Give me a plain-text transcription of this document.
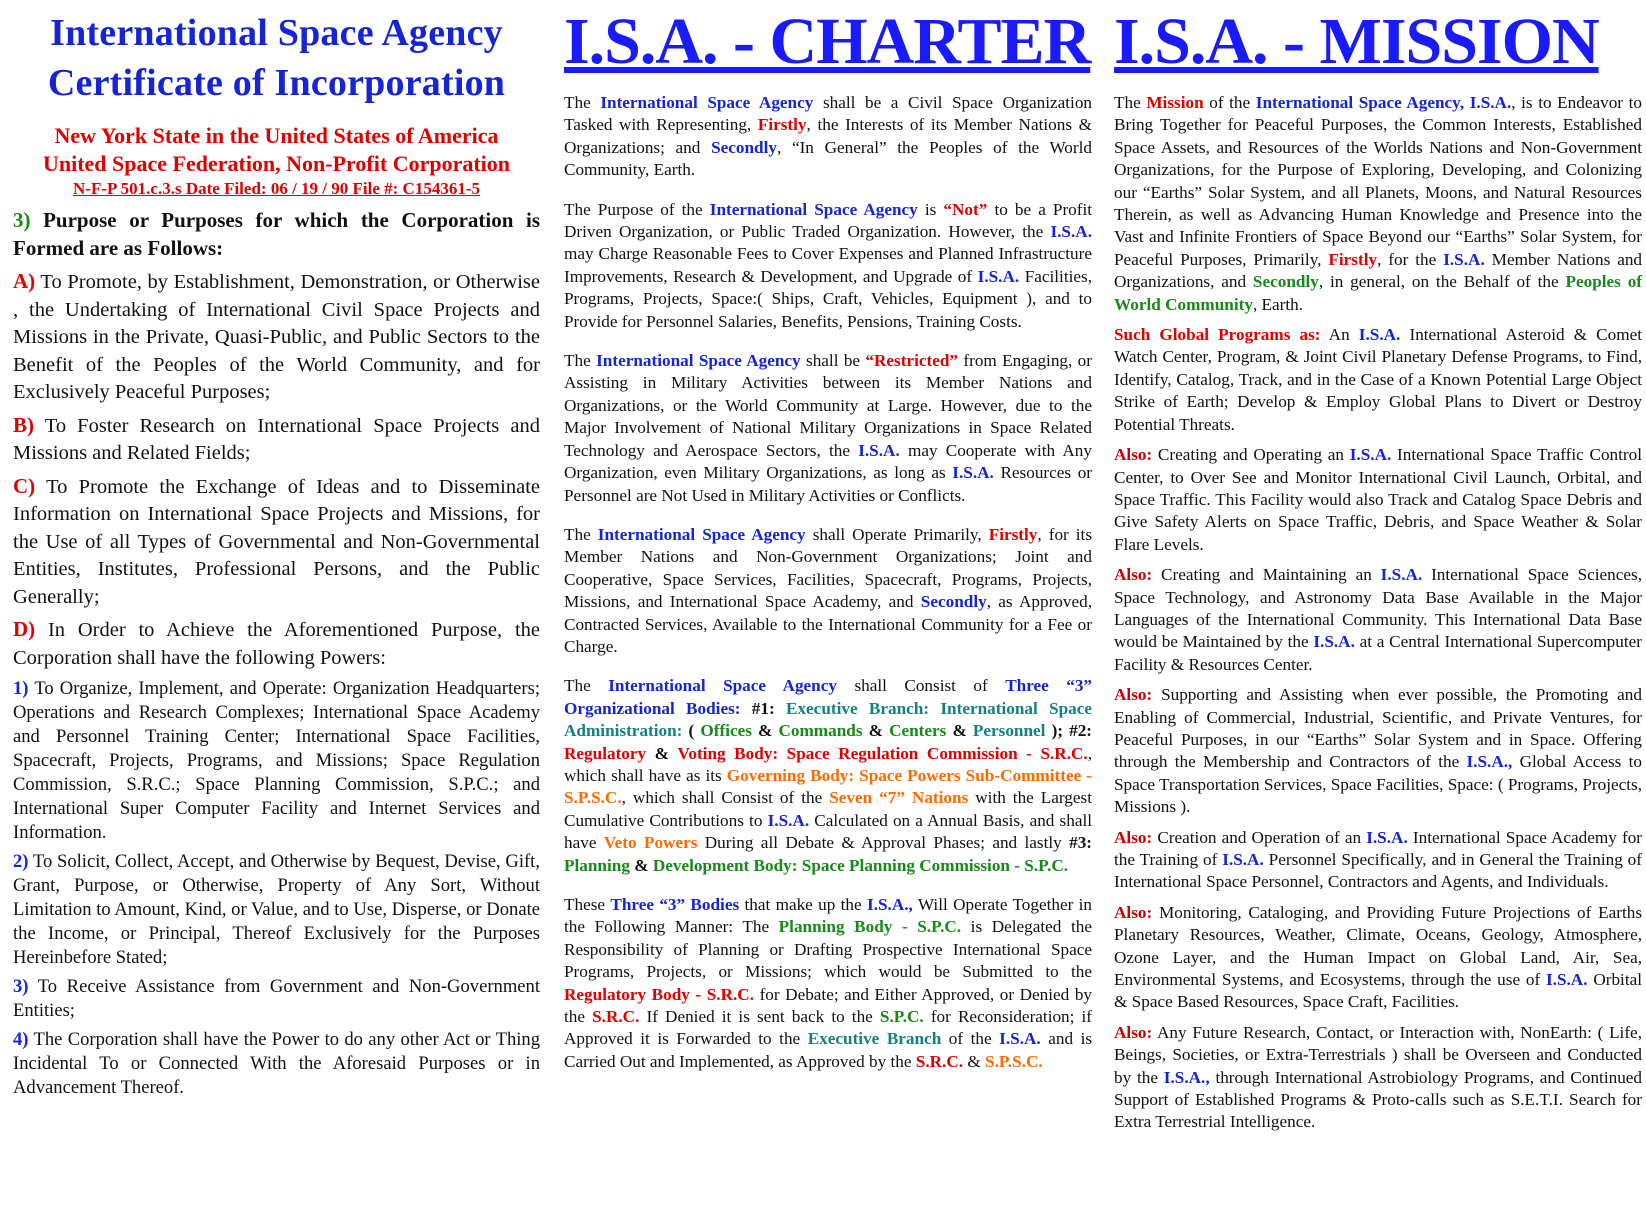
International Space Agency
Certificate of Incorporation

New York State in the United States of America

United Space Federation, Non-Profit Corporation

N-F-P 501.c.3.s Date Filed: 06 / 19 / 90 File #: C154361-5

3) Purpose or Purposes for which the Corporation is Formed are as Follows:

A) To Promote, by Establishment, Demonstration, or Otherwise , the Undertaking of International Civil Space Projects and Missions in the Private, Quasi-Public, and Public Sectors to the Benefit of the Peoples of the World Community, and for Exclusively Peaceful Purposes;

B) To Foster Research on International Space Projects and Missions and Related Fields;

C) To Promote the Exchange of Ideas and to Disseminate Information on International Space Projects and Missions, for the Use of all Types of Governmental and Non-Governmental Entities, Institutes, Professional Persons, and the Public Generally;

D) In Order to Achieve the Aforementioned Purpose, the Corporation shall have the following Powers:

1) To Organize, Implement, and Operate: Organization Headquarters; Operations and Research Complexes; International Space Academy and Personnel Training Center; International Space Facilities, Spacecraft, Projects, Programs, and Missions; Space Regulation Commission, S.R.C.; Space Planning Commission, S.P.C.; and International Super Computer Facility and Internet Services and Information.

2) To Solicit, Collect, Accept, and Otherwise by Bequest, Devise, Gift, Grant, Purpose, or Otherwise, Property of Any Sort, Without Limitation to Amount, Kind, or Value, and to Use, Disperse, or Donate the Income, or Principal, Thereof Exclusively for the Purposes Hereinbefore Stated;

3) To Receive Assistance from Government and Non-Government Entities;

4) The Corporation shall have the Power to do any other Act or Thing Incidental To or Connected With the Aforesaid Purposes or in Advancement Thereof.

I.S.A. - CHARTER

The International Space Agency shall be a Civil Space Organization Tasked with Representing, Firstly, the Interests of its Member Nations & Organizations; and Secondly, “In General” the Peoples of the World Community, Earth.

The Purpose of the International Space Agency is “Not” to be a Profit Driven Organization, or Public Traded Organization. However, the I.S.A. may Charge Reasonable Fees to Cover Expenses and Planned Infrastructure Improvements, Research & Development, and Upgrade of I.S.A. Facilities, Programs, Projects, Space:( Ships, Craft, Vehicles, Equipment ), and to Provide for Personnel Salaries, Benefits, Pensions, Training Costs.

The International Space Agency shall be “Restricted” from Engaging, or Assisting in Military Activities between its Member Nations and Organizations, or the World Community at Large. However, due to the Major Involvement of National Military Organizations in Space Related Technology and Aerospace Sectors, the I.S.A. may Cooperate with Any Organization, even Military Organizations, as long as I.S.A. Resources or Personnel are Not Used in Military Activities or Conflicts.

The International Space Agency shall Operate Primarily, Firstly, for its Member Nations and Non-Government Organizations; Joint and Cooperative, Space Services, Facilities, Spacecraft, Programs, Projects, Missions, and International Space Academy, and Secondly, as Approved, Contracted Services, Available to the International Community for a Fee or Charge.

The International Space Agency shall Consist of Three “3” Organizational Bodies: #1: Executive Branch: International Space Administration: ( Offices & Commands & Centers & Personnel ); #2: Regulatory & Voting Body: Space Regulation Commission - S.R.C., which shall have as its Governing Body: Space Powers Sub-Committee - S.P.S.C., which shall Consist of the Seven “7” Nations with the Largest Cumulative Contributions to I.S.A. Calculated on a Annual Basis, and shall have Veto Powers During all Debate & Approval Phases; and lastly #3: Planning & Development Body: Space Planning Commission - S.P.C.

These Three “3” Bodies that make up the I.S.A., Will Operate Together in the Following Manner: The Planning Body - S.P.C. is Delegated the Responsibility of Planning or Drafting Prospective International Space Programs, Projects, or Missions; which would be Submitted to the Regulatory Body - S.R.C. for Debate; and Either Approved, or Denied by the S.R.C. If Denied it is sent back to the S.P.C. for Reconsideration; if Approved it is Forwarded to the Executive Branch of the I.S.A. and is Carried Out and Implemented, as Approved by the S.R.C. & S.P.S.C.

I.S.A. - MISSION

The Mission of the International Space Agency, I.S.A., is to Endeavor to Bring Together for Peaceful Purposes, the Common Interests, Established Space Assets, and Resources of the Worlds Nations and Non-Government Organizations, for the Purpose of Exploring, Developing, and Colonizing our “Earths” Solar System, and all Planets, Moons, and Natural Resources Therein, as well as Advancing Human Knowledge and Presence into the Vast and Infinite Frontiers of Space Beyond our “Earths” Solar System, for Peaceful Purposes, Primarily, Firstly, for the I.S.A. Member Nations and Organizations, and Secondly, in general, on the Behalf of the Peoples of World Community, Earth.

Such Global Programs as: An I.S.A. International Asteroid & Comet Watch Center, Program, & Joint Civil Planetary Defense Programs, to Find, Identify, Catalog, Track, and in the Case of a Known Potential Large Object Strike of Earth; Develop & Employ Global Plans to Divert or Destroy Potential Threats.

Also: Creating and Operating an I.S.A. International Space Traffic Control Center, to Over See and Monitor International Civil Launch, Orbital, and Space Traffic. This Facility would also Track and Catalog Space Debris and Give Safety Alerts on Space Traffic, Debris, and Space Weather & Solar Flare Levels.

Also: Creating and Maintaining an I.S.A. International Space Sciences, Space Technology, and Astronomy Data Base Available in the Major Languages of the International Community. This International Data Base would be Maintained by the I.S.A. at a Central International Supercomputer Facility & Resources Center.

Also: Supporting and Assisting when ever possible, the Promoting and Enabling of Commercial, Industrial, Scientific, and Private Ventures, for Peaceful Purposes, in our “Earths” Solar System and in Space. Offering through the Membership and Contractors of the I.S.A., Global Access to Space Transportation Services, Space Facilities, Space: ( Programs, Projects, Missions ).

Also: Creation and Operation of an I.S.A. International Space Academy for the Training of I.S.A. Personnel Specifically, and in General the Training of International Space Personnel, Contractors and Agents, and Individuals.

Also: Monitoring, Cataloging, and Providing Future Projections of Earths Planetary Resources, Weather, Climate, Oceans, Geology, Atmosphere, Ozone Layer, and the Human Impact on Global Land, Air, Sea, Environmental Systems, and Ecosystems, through the use of I.S.A. Orbital & Space Based Resources, Space Craft, Facilities.

Also: Any Future Research, Contact, or Interaction with, NonEarth: ( Life, Beings, Societies, or Extra-Terrestrials ) shall be Overseen and Conducted by the I.S.A., through International Astrobiology Programs, and Continued Support of Established Programs & Proto-calls such as S.E.T.I. Search for Extra Terrestrial Intelligence.
